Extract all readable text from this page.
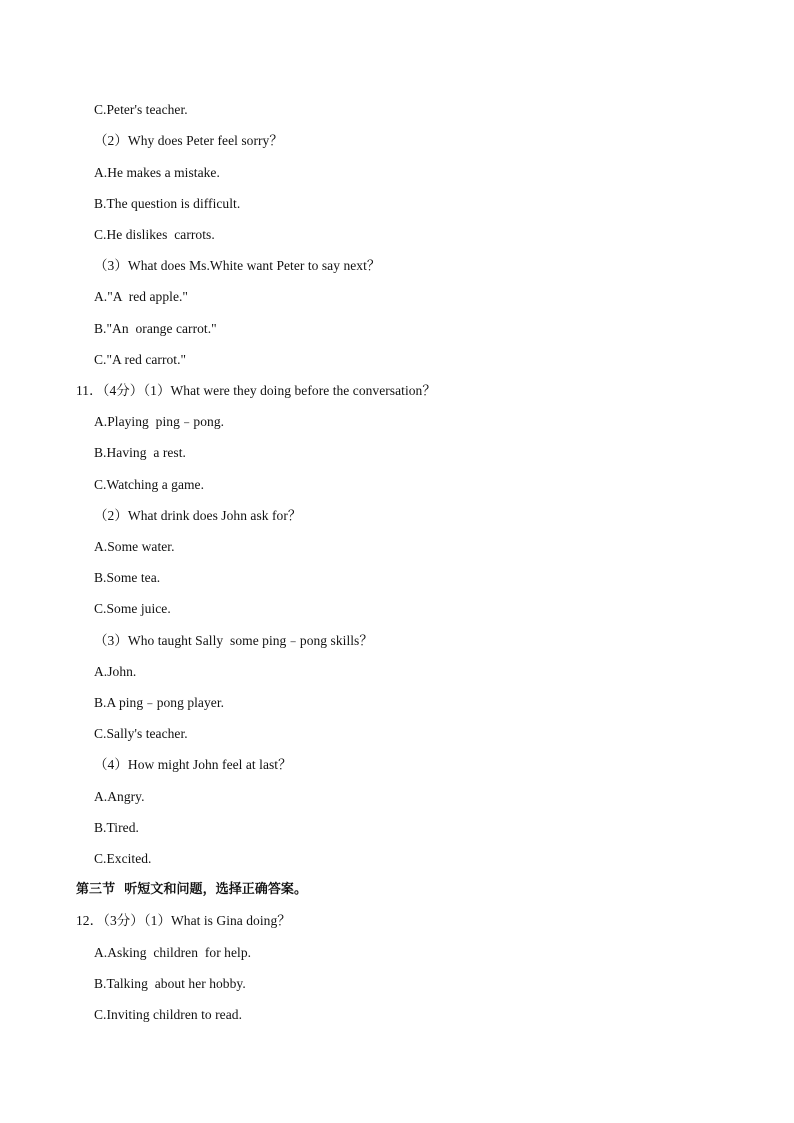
C.Peter's teacher.
（2）Why does Peter feel sorry？
A.He makes a mistake.
B.The question is difficult.
C.He dislikes  carrots.
（3）What does Ms.White want Peter to say next？
A."A  red apple."
B."An  orange carrot."
C."A red carrot."
11．（4分）（1）What were they doing before the conversation？
A.Playing  ping﹣pong.
B.Having  a rest.
C.Watching a game.
（2）What drink does John ask for？
A.Some water.
B.Some tea.
C.Some juice.
（3）Who taught Sally  some ping﹣pong skills？
A.John.
B.A ping﹣pong player.
C.Sally's teacher.
（4）How might John feel at last？
A.Angry.
B.Tired.
C.Excited.
第三节  听短文和问题，选择正确答案。
12．（3分）（1）What is Gina doing？
A.Asking  children  for help.
B.Talking  about her hobby.
C.Inviting children to read.
